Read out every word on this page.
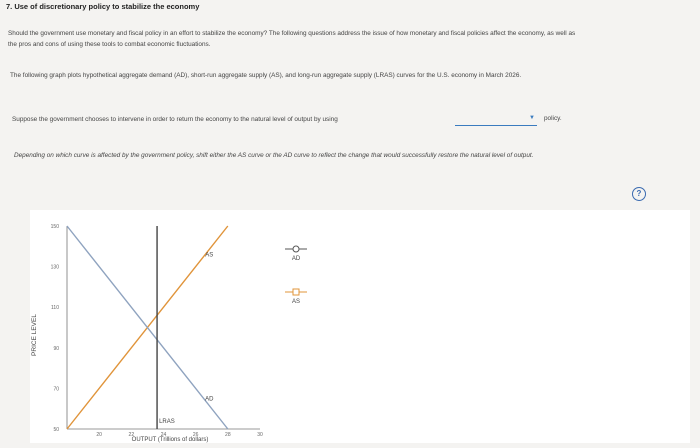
7. Use of discretionary policy to stabilize the economy
Should the government use monetary and fiscal policy in an effort to stabilize the economy? The following questions address the issue of how monetary and fiscal policies affect the economy, as well as the pros and cons of using these tools to combat economic fluctuations.
The following graph plots hypothetical aggregate demand (AD), short-run aggregate supply (AS), and long-run aggregate supply (LRAS) curves for the U.S. economy in March 2026.
Suppose the government chooses to intervene in order to return the economy to the natural level of output by using	▼ policy.
Depending on which curve is affected by the government policy, shift either the AS curve or the AD curve to reflect the change that would successfully restore the natural level of output.
?
PRICE LEVEL
OUTPUT (Trillions of dollars)
150
130
110
90
70
50
20	22	24	26	28	30
AS
AD
LRAS
AD
AS
